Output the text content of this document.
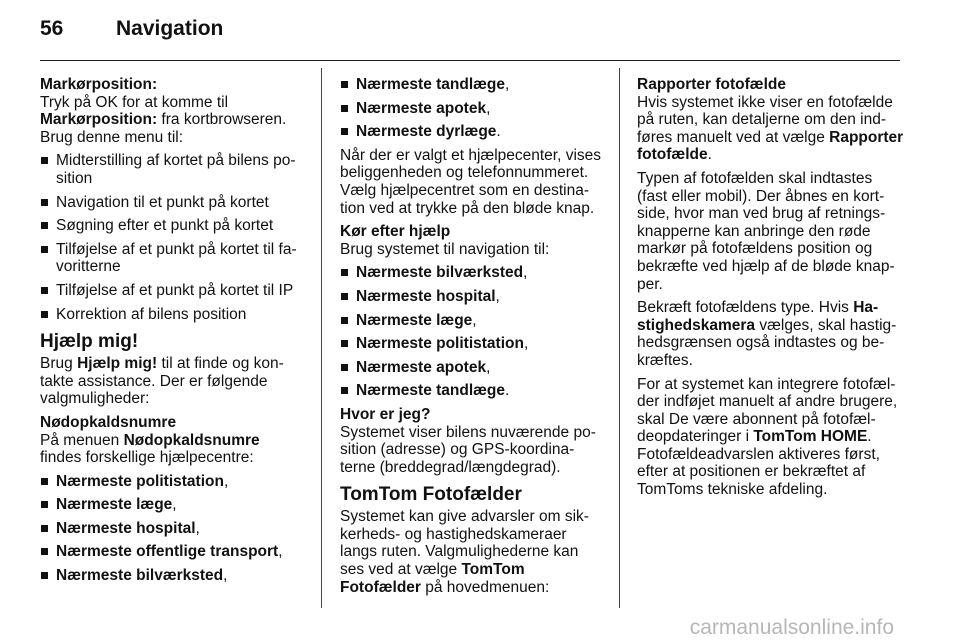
56	Navigation

Markørposition:
Tryk på OK for at komme til
Markørposition: fra kortbrowseren.
Brug denne menu til:

Midterstilling af kortet på bilens po-sition
Navigation til et punkt på kortet
Søgning efter et punkt på kortet
Tilføjelse af et punkt på kortet til fa-voritterne
Tilføjelse af et punkt på kortet til IP
Korrektion af bilens position
Hjælp mig!

Brug Hjælp mig! til at finde og kon-takte assistance. Der er følgende valgmuligheder:

Nødopkaldsnumre

På menuen Nødopkaldsnumre findes forskellige hjælpecentre:

Nærmeste politistation,
Nærmeste læge,
Nærmeste hospital,
Nærmeste offentlige transport,
Nærmeste bilværksted,
Nærmeste tandlæge,
Nærmeste apotek,
Nærmeste dyrlæge.

Når der er valgt et hjælpecenter, vises beliggenheden og telefonnummeret. Vælg hjælpecentret som en destina-tion ved at trykke på den bløde knap.

Kør efter hjælp

Brug systemet til navigation til:

Nærmeste bilværksted,
Nærmeste hospital,
Nærmeste læge,
Nærmeste politistation,
Nærmeste apotek,
Nærmeste tandlæge.
Hvor er jeg?

Systemet viser bilens nuværende po-sition (adresse) og GPS-koordina-terne (breddegrad/længdegrad).

TomTom Fotofælder

Systemet kan give advarsler om sik-kerheds- og hastighedskameraer langs ruten. Valgmulighederne kan ses ved at vælge TomTom Fotofælder på hovedmenuen:

Rapporter fotofælde

Hvis systemet ikke viser en fotofælde på ruten, kan detaljerne om den ind-føres manuelt ved at vælge Rapporter fotofælde.

Typen af fotofælden skal indtastes (fast eller mobil). Der åbnes en kort-side, hvor man ved brug af retnings-knapperne kan anbringe den røde markør på fotofældens position og bekræfte ved hjælp af de bløde knap-per.

Bekræft fotofældens type. Hvis Ha-stighedskamera vælges, skal hastig-hedsgrænsen også indtastes og be-kræftes.

For at systemet kan integrere fotofæl-der indføjet manuelt af andre brugere, skal De være abonnent på fotofæl-deopdateringer i TomTom HOME. Fotofældeadvarslen aktiveres først, efter at positionen er bekræftet af TomToms tekniske afdeling.

carmanualsonline.info
